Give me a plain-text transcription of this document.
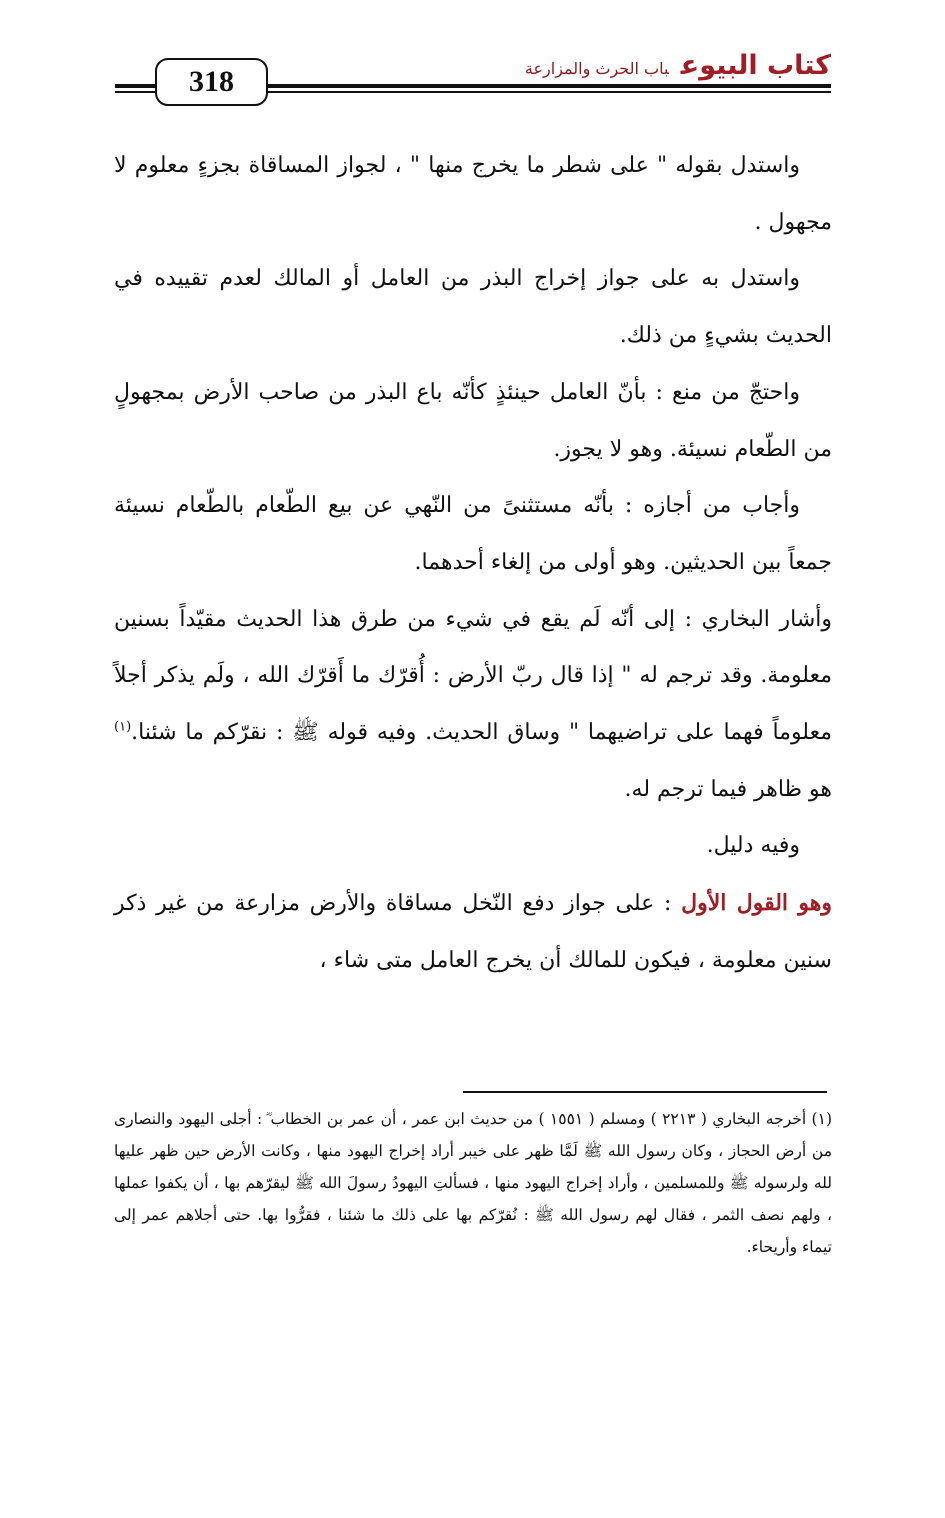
318	كتاب البيوعباب الحرث والمزارعة

واستدل بقوله " على شطر ما يخرج منها " ، لجواز المساقاة بجزءٍ معلوم لا مجهول .

واستدل به على جواز إخراج البذر من العامل أو المالك لعدم تقييده في الحديث بشيءٍ من ذلك.

واحتجّ من منع : بأنّ العامل حينئذٍ كأنّه باع البذر من صاحب الأرض بمجهولٍ من الطّعام نسيئة. وهو لا يجوز.

وأجاب من أجازه : بأنّه مستثنىً من النّهي عن بيع الطّعام بالطّعام نسيئة جمعاً بين الحديثين. وهو أولى من إلغاء أحدهما.

وأشار البخاري : إلى أنّه لَم يقع في شيء من طرق هذا الحديث مقيّداً بسنين معلومة. وقد ترجم له " إذا قال ربّ الأرض : أُقرّك ما أَقرّك الله ، ولَم يذكر أجلاً معلوماً فهما على تراضيهما " وساق الحديث. وفيه قوله ﷺ : نقرّكم ما شئنا.$^{(١)}$ هو ظاهر فيما ترجم له.

وفيه دليل.

وهو القول الأول : على جواز دفع النّخل مساقاة والأرض مزارعة من غير ذكر سنين معلومة ، فيكون للمالك أن يخرج العامل متى شاء ،

(١) أخرجه البخاري ( ٢٢١٣ ) ومسلم ( ١٥٥١ ) من حديث ابن عمر ، أن عمر بن الخطاب ؓ : أجلى اليهود والنصارى من أرض الحجاز ، وكان رسول الله ﷺ لَمَّا ظهر على خيبر أراد إخراج اليهود منها ، وكانت الأرض حين ظهر عليها لله ولرسوله ﷺ وللمسلمين ، وأراد إخراج اليهود منها ، فسألتِ اليهودُ رسولَ الله ﷺ ليقرّهم بها ، أن يكفوا عملها ، ولهم نصف الثمر ، فقال لهم رسول الله ﷺ : نُقرّكم بها على ذلك ما شئنا ، فقرُّوا بها. حتى أجلاهم عمر إلى تيماء وأريحاء.
